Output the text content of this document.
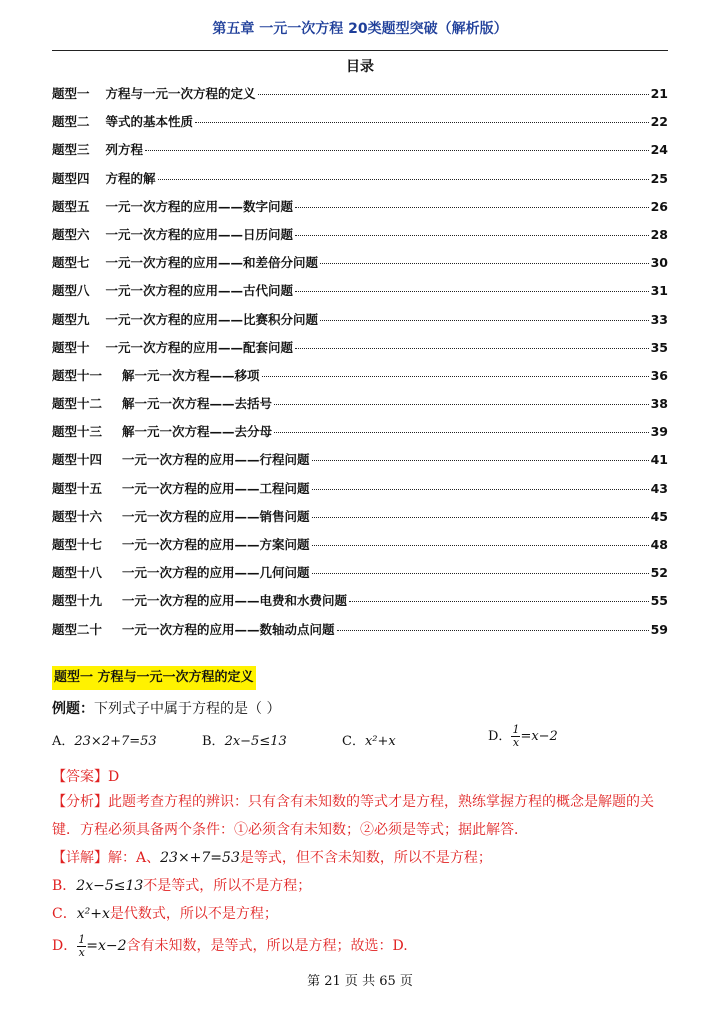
第五章 一元一次方程 20类题型突破（解析版）
目录
题型一 方程与一元一次方程的定义	21
题型二 等式的基本性质	22
题型三 列方程	24
题型四 方程的解	25
题型五 一元一次方程的应用——数字问题	26
题型六 一元一次方程的应用——日历问题	28
题型七 一元一次方程的应用——和差倍分问题	30
题型八 一元一次方程的应用——古代问题	31
题型九 一元一次方程的应用——比赛积分问题	33
题型十 一元一次方程的应用——配套问题	35
题型十一 解一元一次方程——移项	36
题型十二 解一元一次方程——去括号	38
题型十三 解一元一次方程——去分母	39
题型十四 一元一次方程的应用——行程问题	41
题型十五 一元一次方程的应用——工程问题	43
题型十六 一元一次方程的应用——销售问题	45
题型十七 一元一次方程的应用——方案问题	48
题型十八 一元一次方程的应用——几何问题	52
题型十九 一元一次方程的应用——电费和水费问题	55
题型二十 一元一次方程的应用——数轴动点问题	59
题型一 方程与一元一次方程的定义
例题：下列式子中属于方程的是（ ）
A．23×2+7=53	B．2x−5≤13	C．x²+x	D． $\frac{1}{x} =x-2$
【答案】D
【分析】此题考查方程的辨识：只有含有未知数的等式才是方程，熟练掌握方程的概念是解题的关键．方程必须具备两个条件：①必须含有未知数；②必须是等式；据此解答．
【详解】解：A、23×+7=53是等式，但不含未知数，所以不是方程；
B．2x−5≤13不是等式，所以不是方程；
C．x²+x是代数式，所以不是方程；
D． $\frac{1}{x} =x-2$含有未知数，是等式，所以是方程；故选：D.
第 21 页 共 65 页
